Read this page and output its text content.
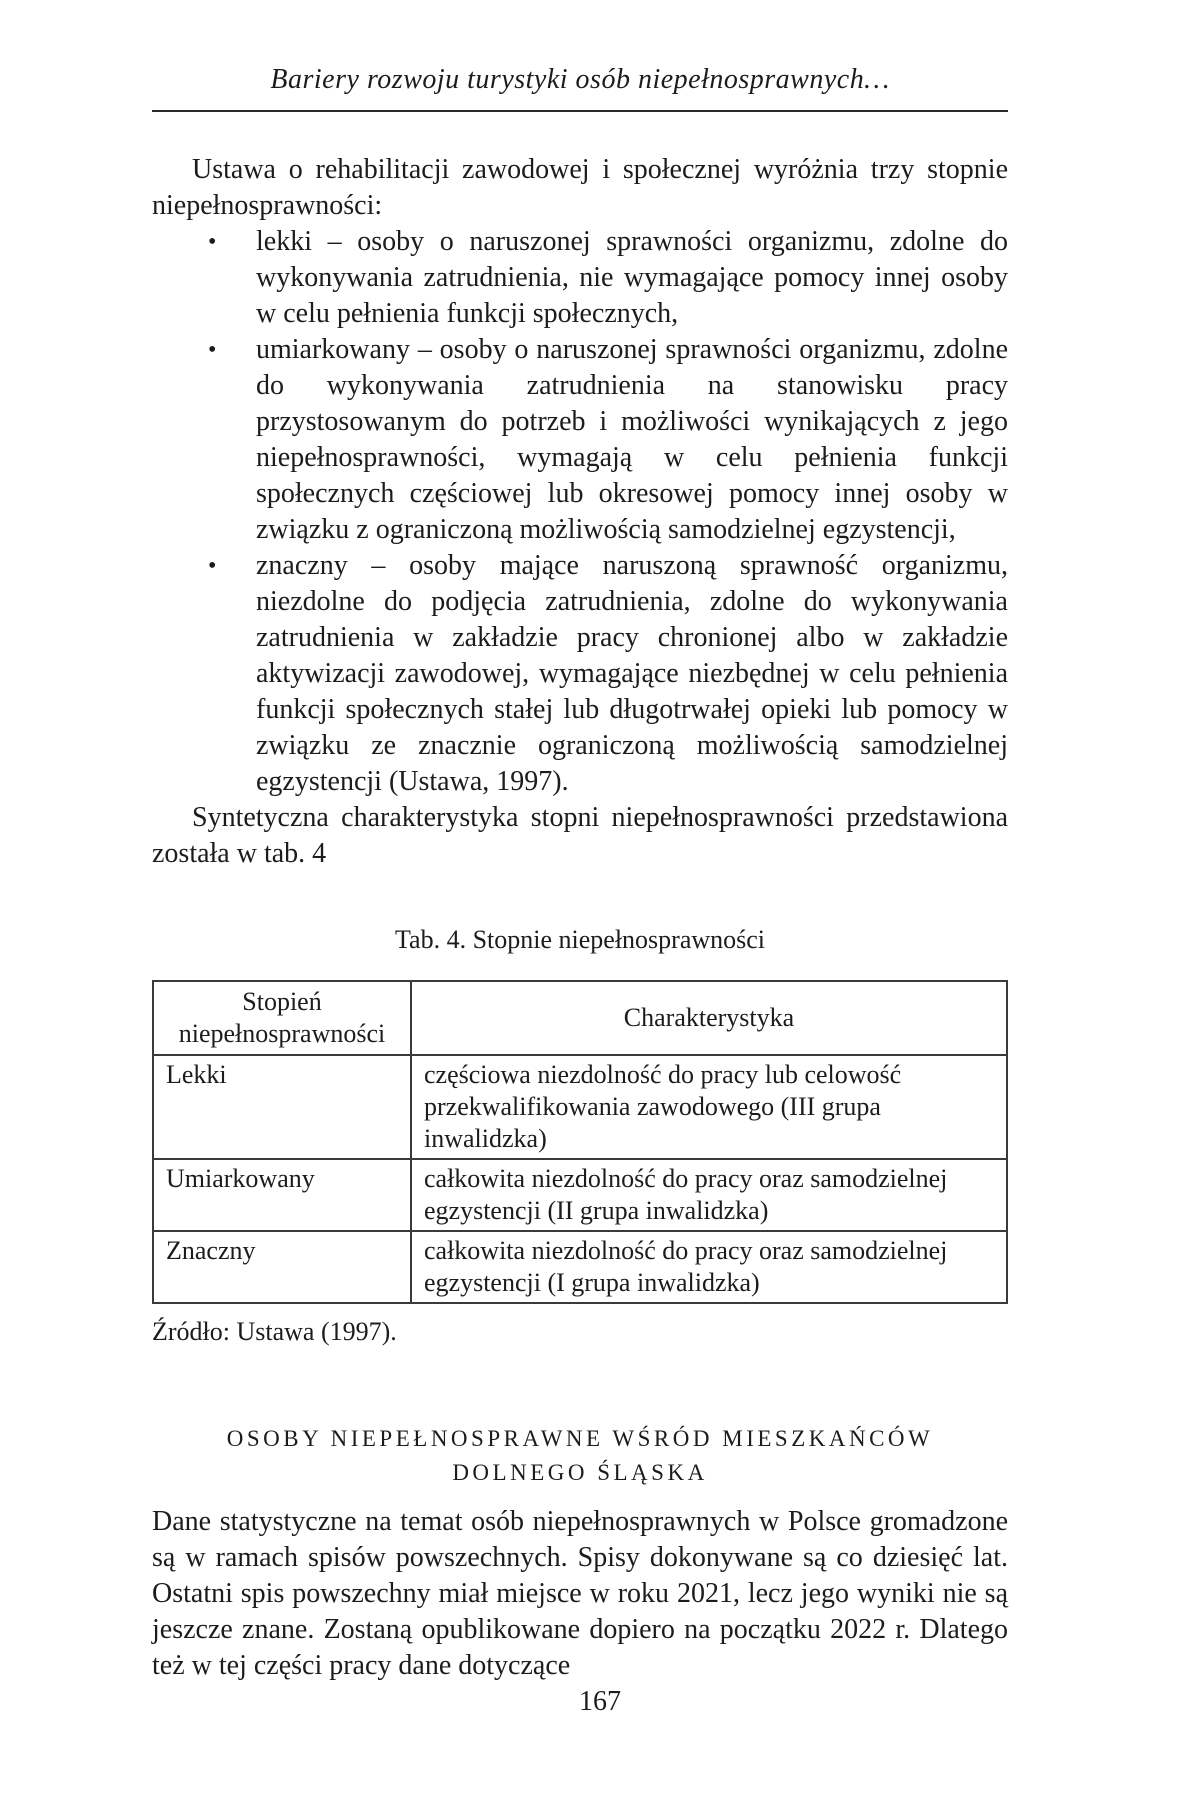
Bariery rozwoju turystyki osób niepełnosprawnych…

Ustawa o rehabilitacji zawodowej i społecznej wyróżnia trzy stopnie niepełnosprawności:

•	lekki – osoby o naruszonej sprawności organizmu, zdolne do wykonywania zatrudnienia, nie wymagające pomocy innej osoby w celu pełnienia funkcji społecznych,
•	umiarkowany – osoby o naruszonej sprawności organizmu, zdolne do wykonywania zatrudnienia na stanowisku pracy przystosowanym do potrzeb i możliwości wynikających z jego niepełnosprawności, wymagają w celu pełnienia funkcji społecznych częściowej lub okresowej pomocy innej osoby w związku z ograniczoną możliwością samodzielnej egzystencji,
•	znaczny – osoby mające naruszoną sprawność organizmu, niezdolne do podjęcia zatrudnienia, zdolne do wykonywania zatrudnienia w zakładzie pracy chronionej albo w zakładzie aktywizacji zawodowej, wymagające niezbędnej w celu pełnienia funkcji społecznych stałej lub długotrwałej opieki lub pomocy w związku ze znacznie ograniczoną możliwością samodzielnej egzystencji (Ustawa, 1997).

Syntetyczna charakterystyka stopni niepełnosprawności przedstawiona została w tab. 4

Tab. 4. Stopnie niepełnosprawności
Stopień niepełnosprawności	Charakterystyka
Lekki	częściowa niezdolność do pracy lub celowość przekwalifikowania zawodowego (III grupa inwalidzka)
Umiarkowany	całkowita niezdolność do pracy oraz samodzielnej egzystencji (II grupa inwalidzka)
Znaczny	całkowita niezdolność do pracy oraz samodzielnej egzystencji (I grupa inwalidzka)
Źródło: Ustawa (1997).
OSOBY NIEPEŁNOSPRAWNE WŚRÓD MIESZKAŃCÓW
DOLNEGO ŚLĄSKA

Dane statystyczne na temat osób niepełnosprawnych w Polsce gromadzone są w ramach spisów powszechnych. Spisy dokonywane są co dziesięć lat. Ostatni spis powszechny miał miejsce w roku 2021, lecz jego wyniki nie są jeszcze znane. Zostaną opublikowane dopiero na początku 2022 r. Dlatego też w tej części pracy dane dotyczące

167
